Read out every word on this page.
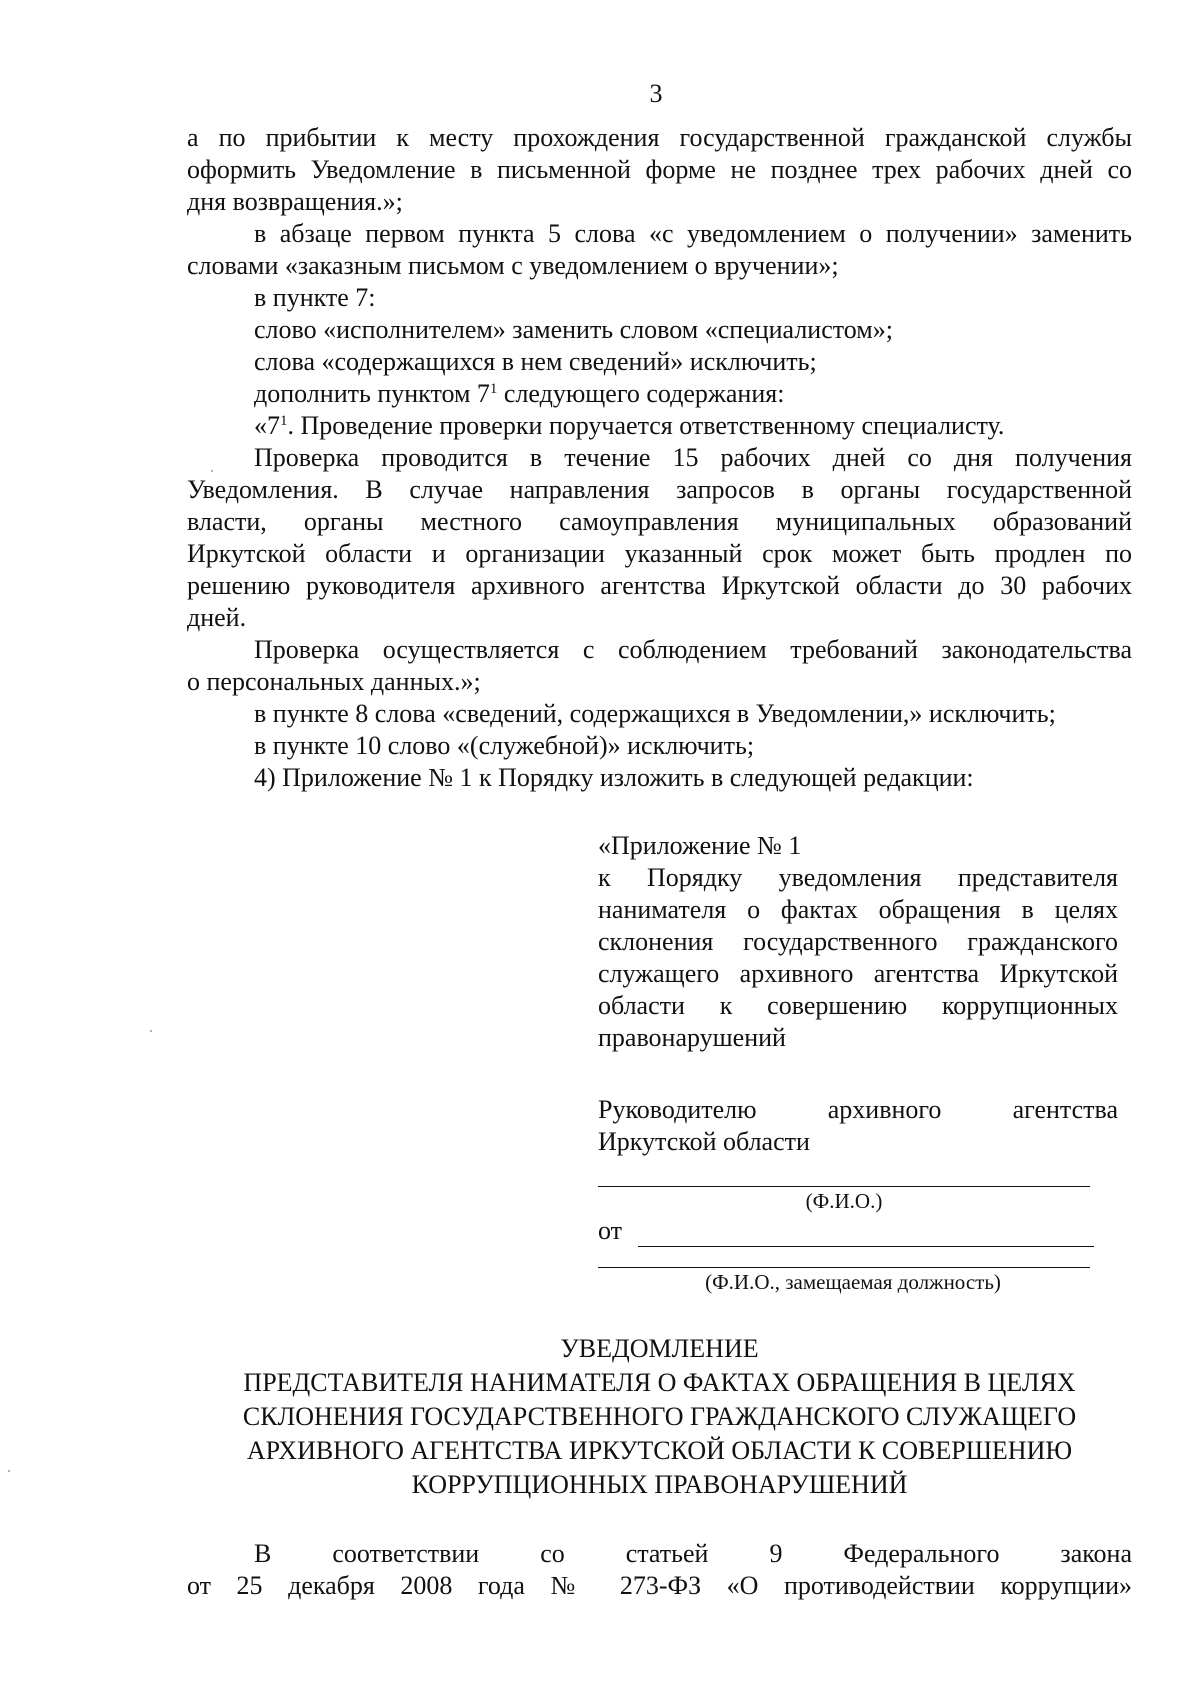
3
а по прибытии к месту прохождения государственной гражданской службы
оформить Уведомление в письменной форме не позднее трех рабочих дней со
дня возвращения.»;
в абзаце первом пункта 5 слова «с уведомлением о получении» заменить
словами «заказным письмом с уведомлением о вручении»;
в пункте 7:
слово «исполнителем» заменить словом «специалистом»;
слова «содержащихся в нем сведений» исключить;
дополнить пунктом $7^1$ следующего содержания:
«$7^1$. Проведение проверки поручается ответственному специалисту.
Проверка проводится в течение 15 рабочих дней со дня получения
Уведомления. В случае направления запросов в органы государственной
власти, органы местного самоуправления муниципальных образований
Иркутской области и организации указанный срок может быть продлен по
решению руководителя архивного агентства Иркутской области до 30 рабочих
дней.
Проверка осуществляется с соблюдением требований законодательства
о персональных данных.»;
в пункте 8 слова «сведений, содержащихся в Уведомлении,» исключить;
в пункте 10 слово «(служебной)» исключить;
4) Приложение № 1 к Порядку изложить в следующей редакции:
«Приложение № 1
к Порядку уведомления представителя
нанимателя о фактах обращения в целях
склонения государственного гражданского
служащего архивного агентства Иркутской
области к совершению коррупционных
правонарушений
Руководителю архивного агентства
Иркутской области
(Ф.И.О.)
от
(Ф.И.О., замещаемая должность)
УВЕДОМЛЕНИЕ
ПРЕДСТАВИТЕЛЯ НАНИМАТЕЛЯ О ФАКТАХ ОБРАЩЕНИЯ В ЦЕЛЯХ
СКЛОНЕНИЯ ГОСУДАРСТВЕННОГО ГРАЖДАНСКОГО СЛУЖАЩЕГО
АРХИВНОГО АГЕНТСТВА ИРКУТСКОЙ ОБЛАСТИ К СОВЕРШЕНИЮ
КОРРУПЦИОННЫХ ПРАВОНАРУШЕНИЙ
В соответствии со статьей 9 Федерального закона
от 25 декабря 2008 года № 273-ФЗ «О противодействии коррупции»
